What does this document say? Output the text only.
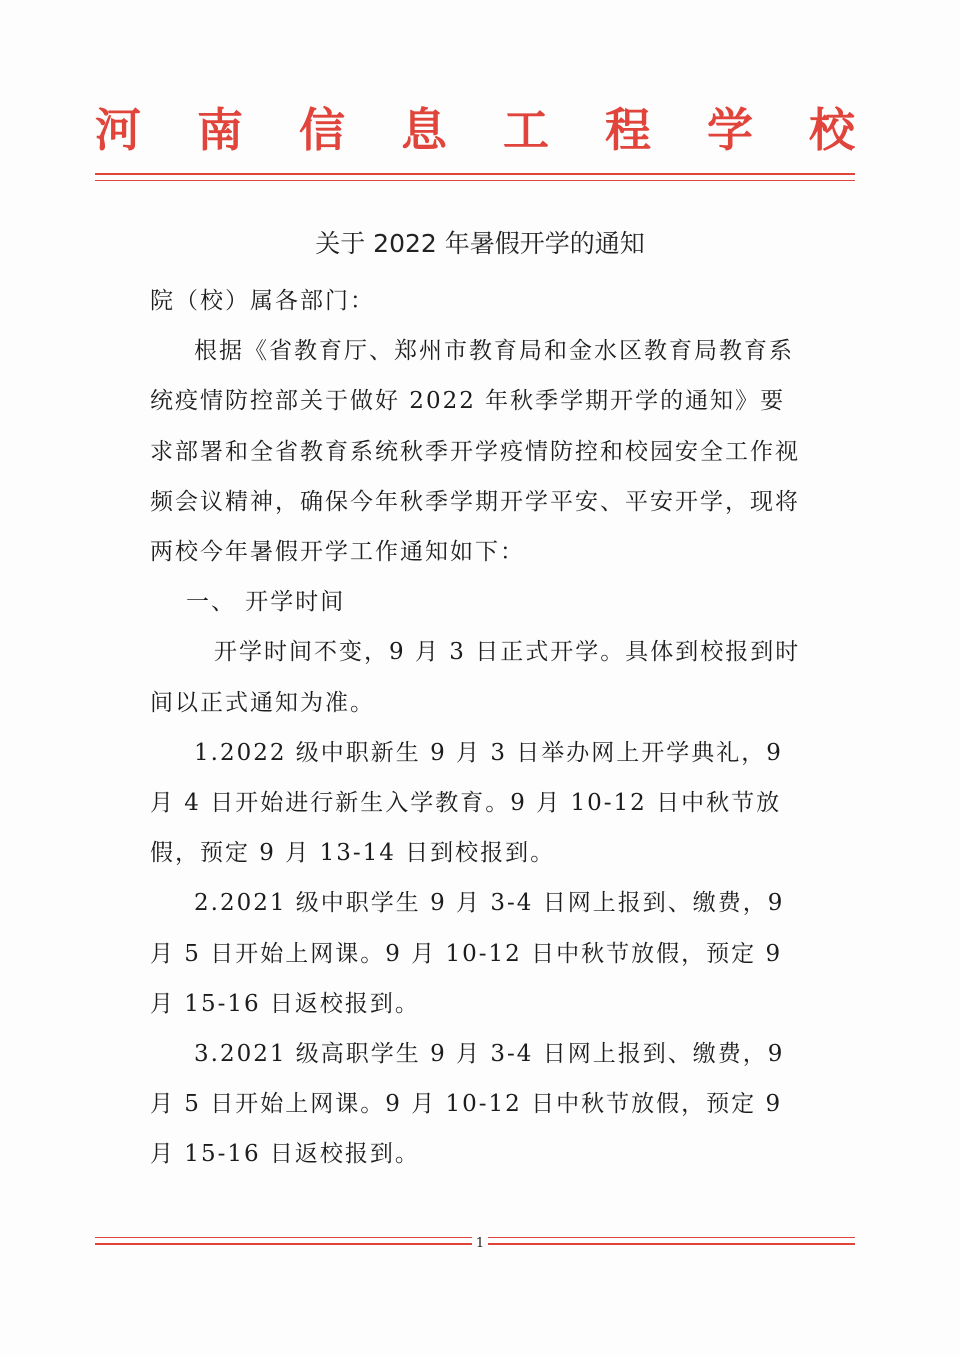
河 南 信 息 工 程 学 校
关于 2022 年暑假开学的通知

院（校）属各部门：

根据《省教育厅、郑州市教育局和金水区教育局教育系统疫情防控部关于做好 2022 年秋季学期开学的通知》要求部署和全省教育系统秋季开学疫情防控和校园安全工作视频会议精神，确保今年秋季学期开学平安、平安开学，现将两校今年暑假开学工作通知如下：

一、 开学时间

开学时间不变，9 月 3 日正式开学。具体到校报到时间以正式通知为准。

1.2022 级中职新生 9 月 3 日举办网上开学典礼，9 月 4 日开始进行新生入学教育。9 月 10-12 日中秋节放假，预定 9 月 13-14 日到校报到。

2.2021 级中职学生 9 月 3-4 日网上报到、缴费，9 月 5 日开始上网课。9 月 10-12 日中秋节放假，预定 9 月 15-16 日返校报到。

3.2021 级高职学生 9 月 3-4 日网上报到、缴费，9 月 5 日开始上网课。9 月 10-12 日中秋节放假，预定 9 月 15-16 日返校报到。

1
